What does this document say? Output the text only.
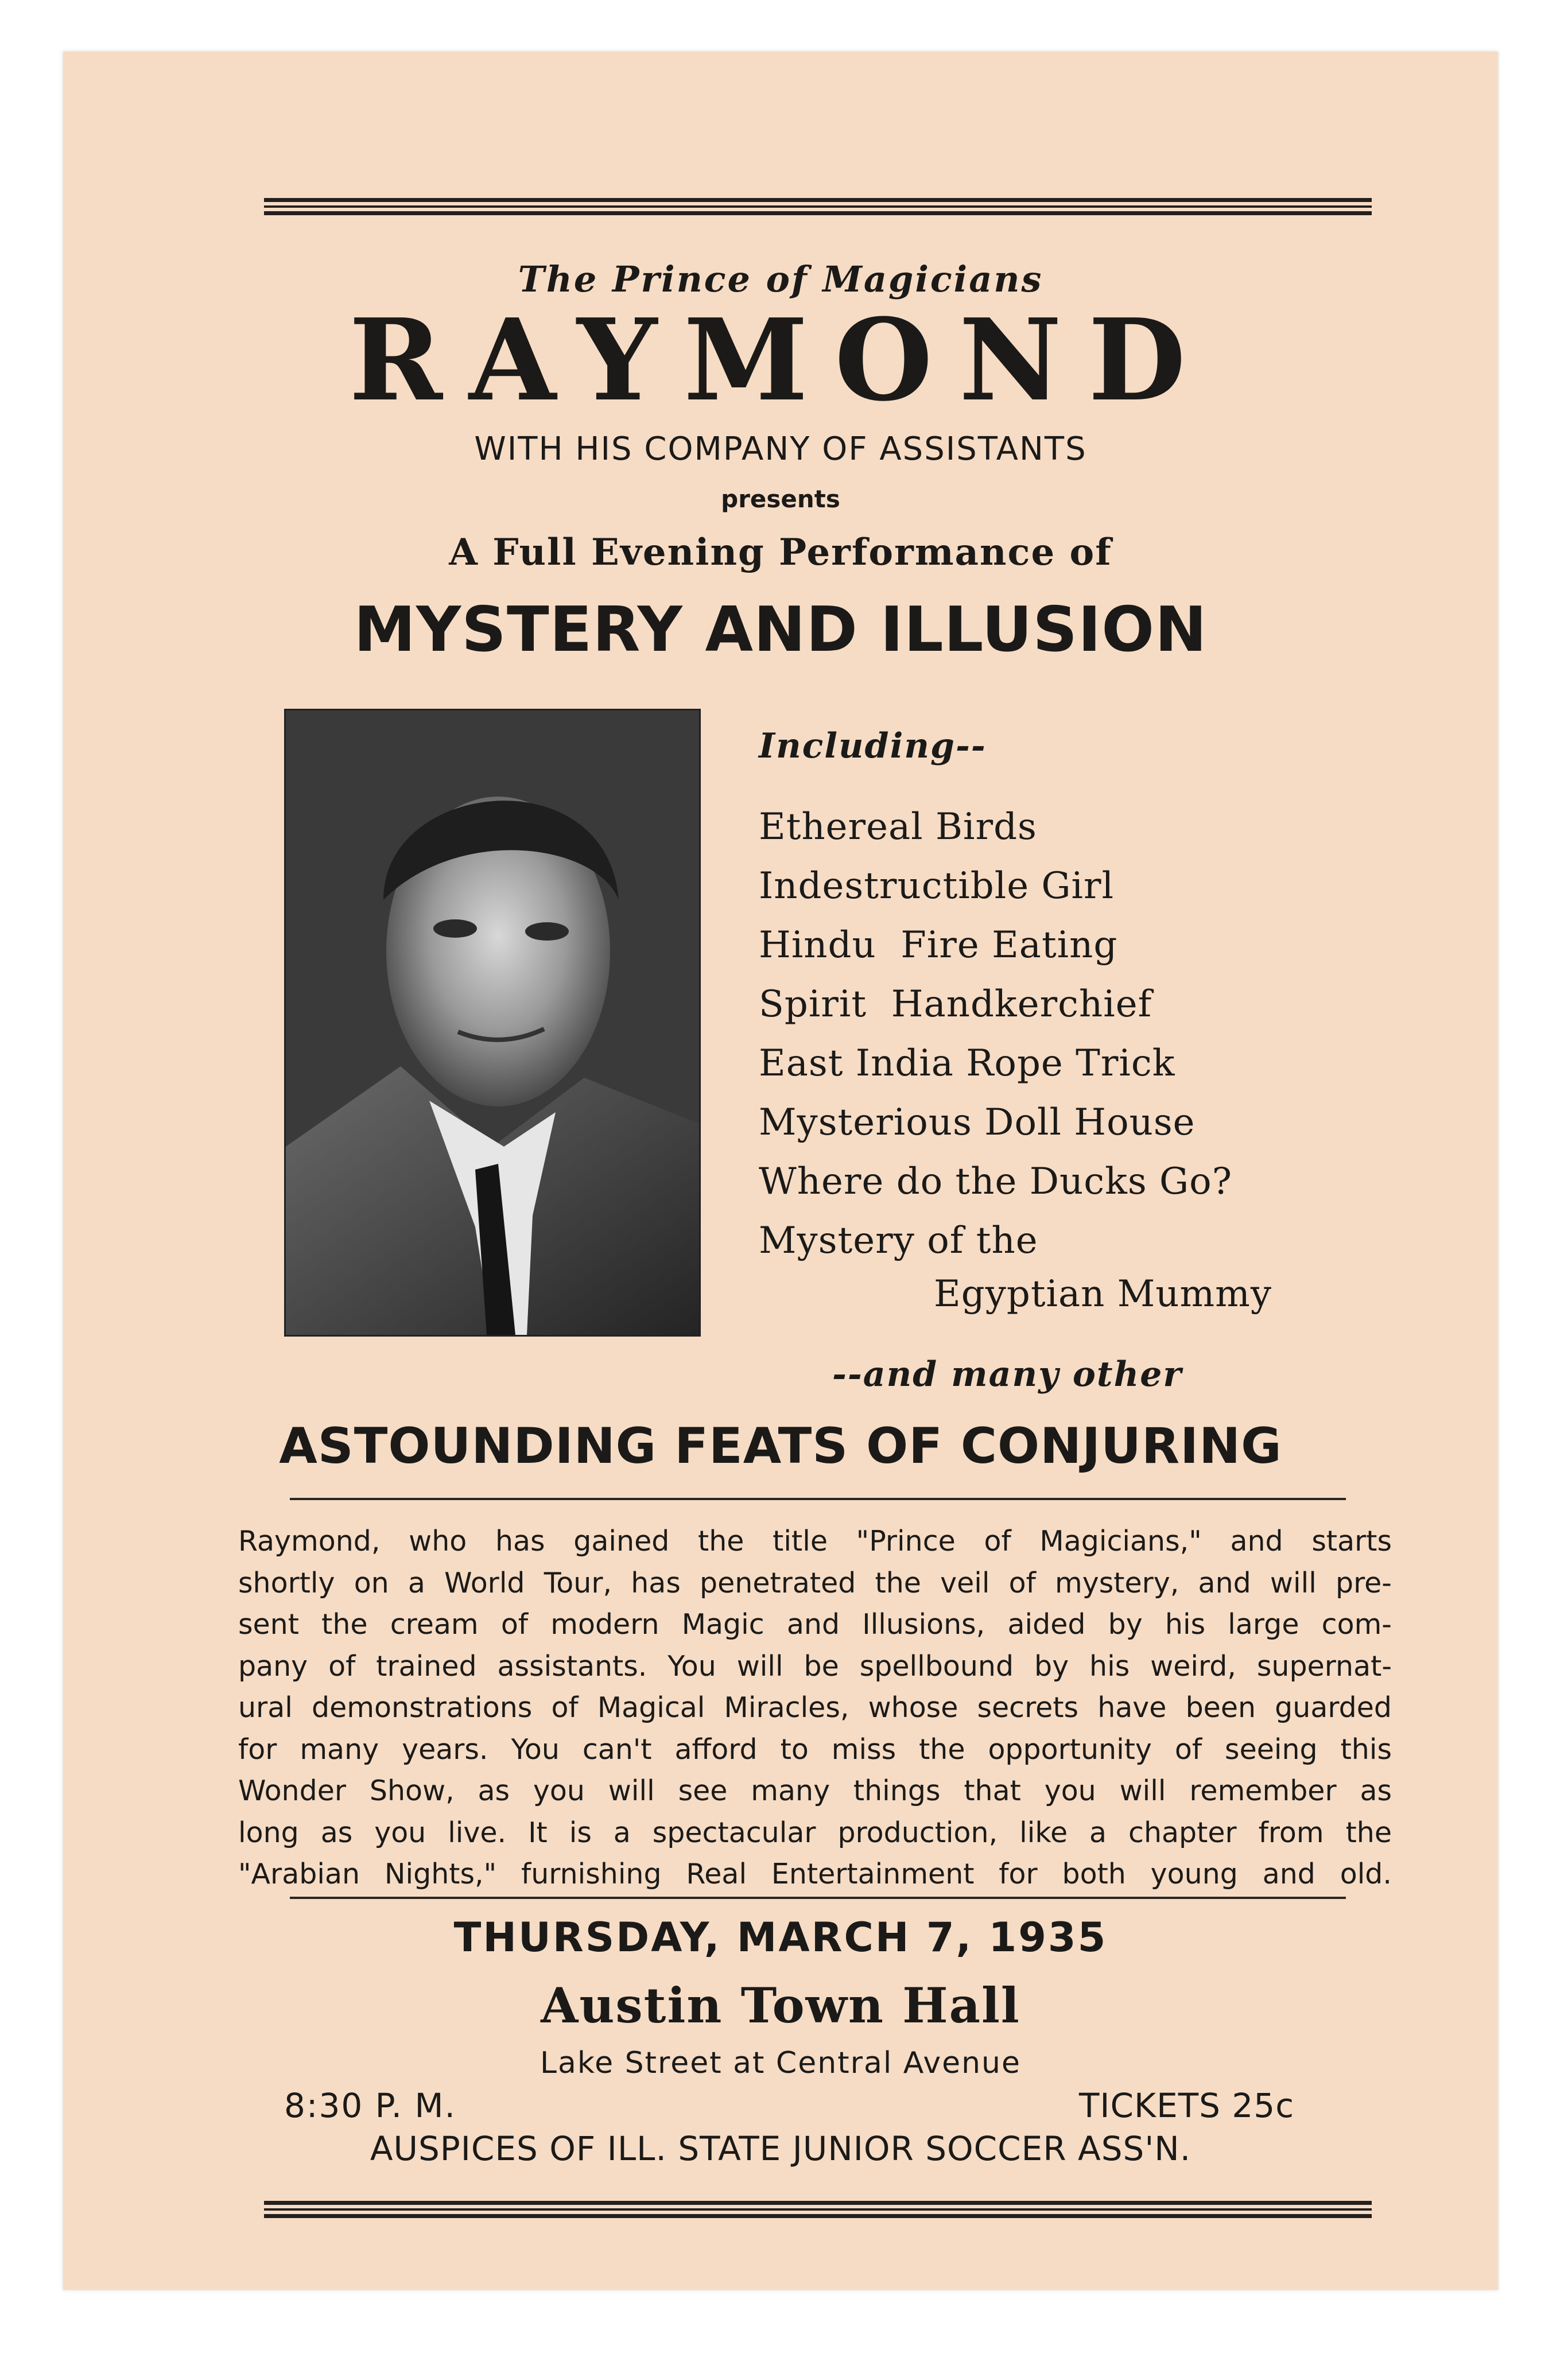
The Prince of Magicians
RAYMOND
WITH HIS COMPANY OF ASSISTANTS
presents
A Full Evening Performance of
MYSTERY AND ILLUSION
Including--
Ethereal Birds
Indestructible Girl
Hindu  Fire Eating
Spirit  Handkerchief
East India Rope Trick
Mysterious Doll House
Where do the Ducks Go?
Mystery of the
Egyptian Mummy
--and many other
ASTOUNDING FEATS OF CONJURING
Raymond, who has gained the title "Prince of Magicians," and starts
shortly on a World Tour, has penetrated the veil of mystery, and will pre-
sent the cream of modern Magic and Illusions, aided by his large com-
pany of trained assistants. You will be spellbound by his weird, supernat-
ural demonstrations of Magical Miracles, whose secrets have been guarded
for many years. You can't afford to miss the opportunity of seeing this
Wonder Show, as you will see many things that you will remember as
long as you live. It is a spectacular production, like a chapter from the
"Arabian Nights," furnishing Real Entertainment for both young and old.
THURSDAY, MARCH 7, 1935
Austin Town Hall
Lake Street at Central Avenue
8:30 P. M.	TICKETS 25c
AUSPICES OF ILL. STATE JUNIOR SOCCER ASS'N.
